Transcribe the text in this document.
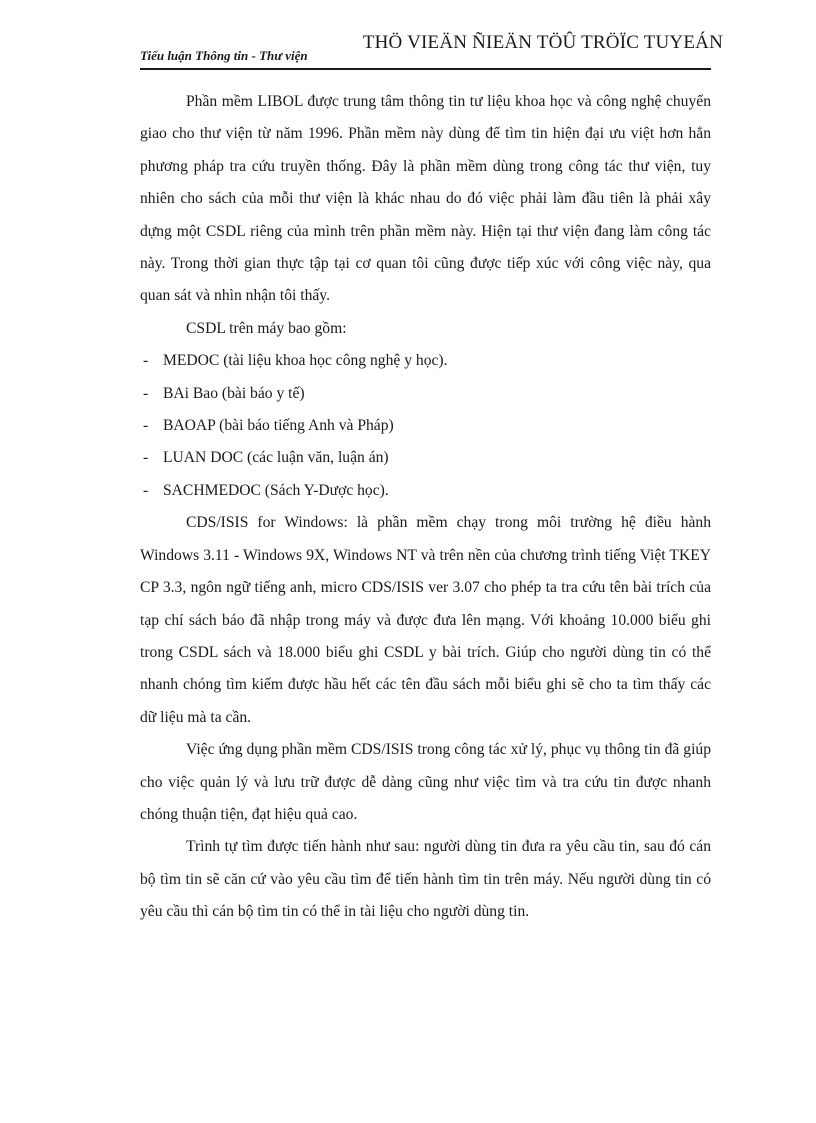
Tiểu luận Thông tin - Thư viện
THÖ VIEÄN ÑIEÄN TÖÛ TRÖÏC TUYEÁN

Phần mềm LIBOL được trung tâm thông tin tư liệu khoa học và công nghệ chuyển giao cho thư viện từ năm 1996. Phần mềm này dùng để tìm tin hiện đại ưu việt hơn hẳn phương pháp tra cứu truyền thống. Đây là phần mềm dùng trong công tác thư viện, tuy nhiên cho sách của mỗi thư viện là khác nhau do đó việc phải làm đầu tiên là phải xây dựng một CSDL riêng của mình trên phần mềm này. Hiện tại thư viện đang làm công tác này. Trong thời gian thực tập tại cơ quan tôi cũng được tiếp xúc với công việc này, qua quan sát và nhìn nhận tôi thấy.

CSDL trên máy bao gồm:

- MEDOC (tài liệu khoa học công nghệ y học).
- BAi Bao (bài báo y tế)
- BAOAP (bài báo tiếng Anh và Pháp)
- LUAN DOC (các luận văn, luận án)
- SACHMEDOC (Sách Y-Dược học).

CDS/ISIS for Windows: là phần mềm chạy trong môi trường hệ điều hành Windows 3.11 - Windows 9X, Windows NT và trên nền của chương trình tiếng Việt TKEY CP 3.3, ngôn ngữ tiếng anh, micro CDS/ISIS ver 3.07 cho phép ta tra cứu tên bài trích của tạp chí sách báo đã nhập trong máy và được đưa lên mạng. Với khoảng 10.000 biểu ghi trong CSDL sách và 18.000 biểu ghi CSDL y bài trích. Giúp cho người dùng tin có thể nhanh chóng tìm kiếm được hầu hết các tên đầu sách mỗi biểu ghi sẽ cho ta tìm thấy các dữ liệu mà ta cần.

Việc ứng dụng phần mềm CDS/ISIS trong công tác xử lý, phục vụ thông tin đã giúp cho việc quản lý và lưu trữ được dễ dàng cũng như việc tìm và tra cứu tin được nhanh chóng thuận tiện, đạt hiệu quả cao.

Trình tự tìm được tiến hành như sau: người dùng tin đưa ra yêu cầu tin, sau đó cán bộ tìm tin sẽ căn cứ vào yêu cầu tìm để tiến hành tìm tin trên máy. Nếu người dùng tin có yêu cầu thì cán bộ tìm tin có thể in tài liệu cho người dùng tin.
